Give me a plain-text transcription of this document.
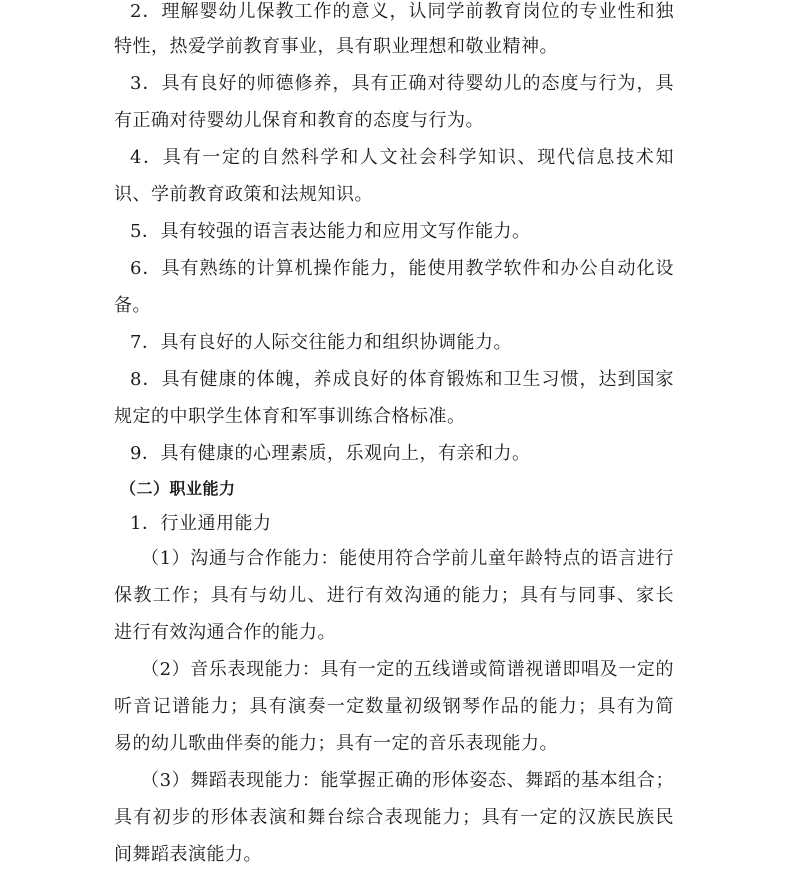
2．理解婴幼儿保教工作的意义，认同学前教育岗位的专业性和独
特性，热爱学前教育事业，具有职业理想和敬业精神。
3．具有良好的师德修养，具有正确对待婴幼儿的态度与行为，具
有正确对待婴幼儿保育和教育的态度与行为。
4．具有一定的自然科学和人文社会科学知识、现代信息技术知
识、学前教育政策和法规知识。
5．具有较强的语言表达能力和应用文写作能力。
6．具有熟练的计算机操作能力，能使用教学软件和办公自动化设
备。
7．具有良好的人际交往能力和组织协调能力。
8．具有健康的体魄，养成良好的体育锻炼和卫生习惯，达到国家
规定的中职学生体育和军事训练合格标准。
9．具有健康的心理素质，乐观向上，有亲和力。
（二）职业能力
1．行业通用能力
（1）沟通与合作能力：能使用符合学前儿童年龄特点的语言进行
保教工作；具有与幼儿、进行有效沟通的能力；具有与同事、家长
进行有效沟通合作的能力。
（2）音乐表现能力：具有一定的五线谱或简谱视谱即唱及一定的
听音记谱能力；具有演奏一定数量初级钢琴作品的能力；具有为简
易的幼儿歌曲伴奏的能力；具有一定的音乐表现能力。
（3）舞蹈表现能力：能掌握正确的形体姿态、舞蹈的基本组合；
具有初步的形体表演和舞台综合表现能力；具有一定的汉族民族民
间舞蹈表演能力。
